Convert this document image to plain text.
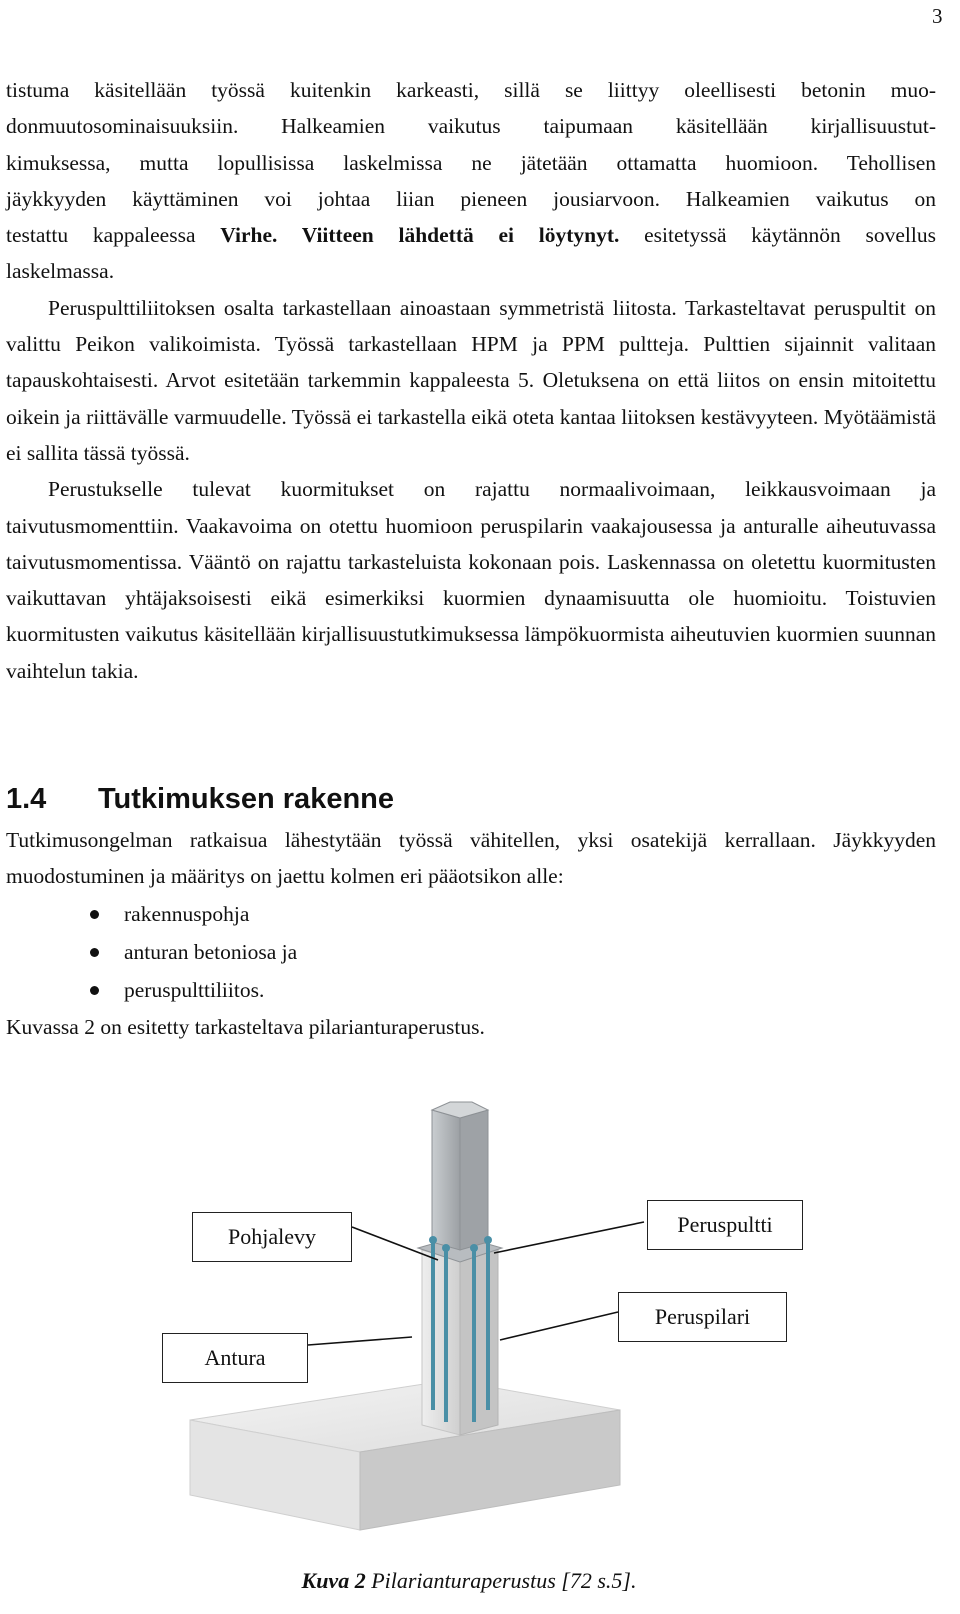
3

tistuma käsitellään työssä kuitenkin karkeasti, sillä se liittyy oleellisesti betonin muo-
donmuutosominaisuuksiin. Halkeamien vaikutus taipumaan käsitellään kirjallisuustut-
kimuksessa, mutta lopullisissa laskelmissa ne jätetään ottamatta huomioon. Tehollisen
jäykkyyden käyttäminen voi johtaa liian pieneen jousiarvoon. Halkeamien vaikutus on
testattu kappaleessa Virhe. Viitteen lähdettä ei löytynyt. esitetyssä käytännön sovellus
laskelmassa.

Peruspulttiliitoksen osalta tarkastellaan ainoastaan symmetristä liitosta. Tarkasteltavat peruspultit on valittu Peikon valikoimista. Työssä tarkastellaan HPM ja PPM pultteja. Pulttien sijainnit valitaan tapauskohtaisesti. Arvot esitetään tarkemmin kappaleesta 5. Oletuksena on että liitos on ensin mitoitettu oikein ja riittävälle varmuudelle. Työssä ei tarkastella eikä oteta kantaa liitoksen kestävyyteen. Myötäämistä ei sallita tässä työssä.

Perustukselle tulevat kuormitukset on rajattu normaalivoimaan, leikkausvoimaan ja taivutusmomenttiin. Vaakavoima on otettu huomioon peruspilarin vaakajousessa ja anturalle aiheutuvassa taivutusmomentissa. Vääntö on rajattu tarkasteluista kokonaan pois. Laskennassa on oletettu kuormitusten vaikuttavan yhtäjaksoisesti eikä esimerkiksi kuormien dynaamisuutta ole huomioitu. Toistuvien kuormitusten vaikutus käsitellään kirjallisuustutkimuksessa lämpökuormista aiheutuvien kuormien suunnan vaihtelun takia.

1.4 Tutkimuksen rakenne

Tutkimusongelman ratkaisua lähestytään työssä vähitellen, yksi osatekijä kerrallaan. Jäykkyyden muodostuminen ja määritys on jaettu kolmen eri pääotsikon alle:

rakennuspohja
anturan betoniosa ja
peruspulttiliitos.

Kuvassa 2 on esitetty tarkasteltava pilarianturaperustus.

Pohjalevy	Peruspultti
Peruspilari
Antura
Kuva 2 Pilarianturaperustus [72 s.5].
